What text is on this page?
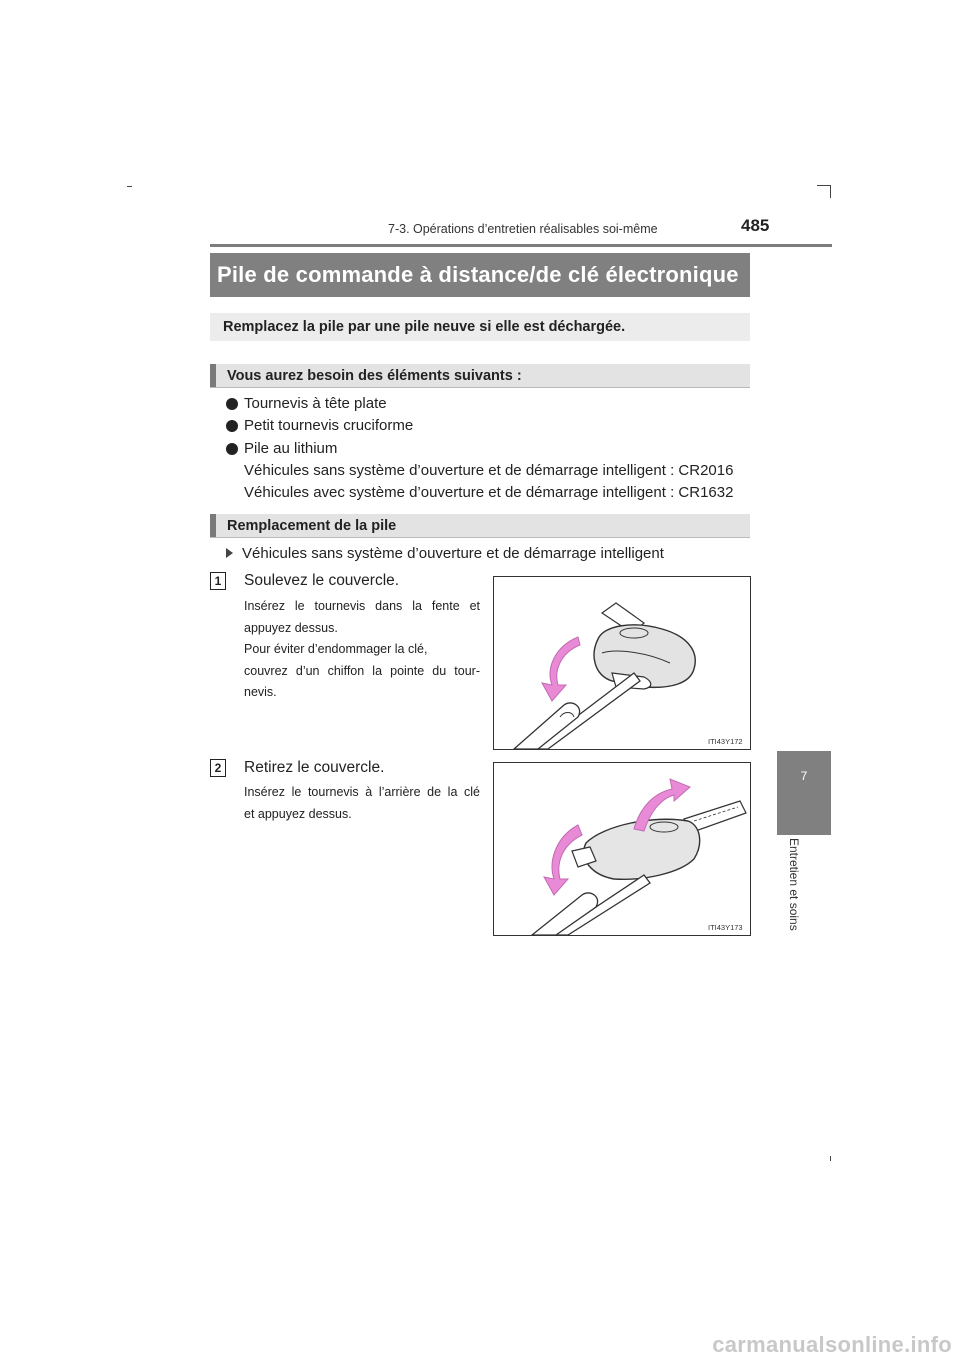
7-3. Opérations d’entretien réalisables soi-même	485
7
Entretien et soins
Pile de commande à distance/de clé électronique
Remplacez la pile par une pile neuve si elle est déchargée.
Vous aurez besoin des éléments suivants :
Tournevis à tête plate
Petit tournevis cruciforme
Pile au lithium
Véhicules sans système d’ouverture et de démarrage intelligent : CR2016
Véhicules avec système d’ouverture et de démarrage intelligent : CR1632
Remplacement de la pile
Véhicules sans système d’ouverture et de démarrage intelligent
1	Soulevez le couvercle.
Insérez le tournevis dans la fente et
appuyez dessus.
Pour éviter d’endommager la clé,
couvrez d’un chiffon la pointe du tour-
nevis.
ITI43Y172
2	Retirez le couvercle.
Insérez le tournevis à l’arrière de la clé
et appuyez dessus.
ITI43Y173
carmanualsonline.info
